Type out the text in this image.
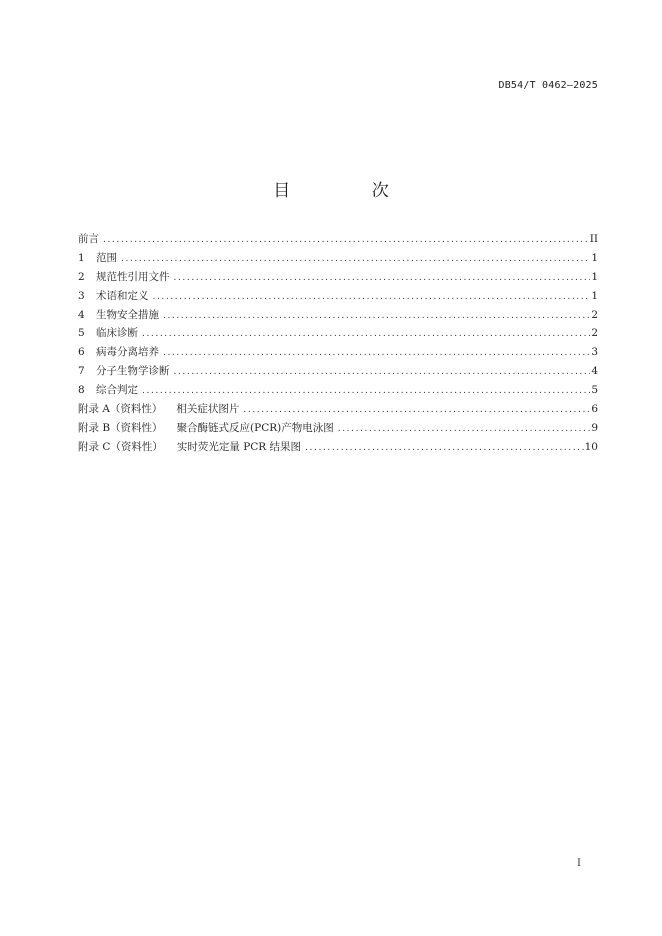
DB54/T 0462—2025
目 次
前言 .....	II
1	范围 .....	1
2	规范性引用文件 .....	1
3	术语和定义 .....	1
4	生物安全措施 .....	2
5	临床诊断 .....	2
6	病毒分离培养 .....	3
7	分子生物学诊断 .....	4
8	综合判定 .....	5
附录 A（资料性） 相关症状图片 .....	6
附录 B（资料性） 聚合酶链式反应(PCR)产物电泳图 .....	9
附录 C（资料性） 实时荧光定量 PCR 结果图 .....	10
I
